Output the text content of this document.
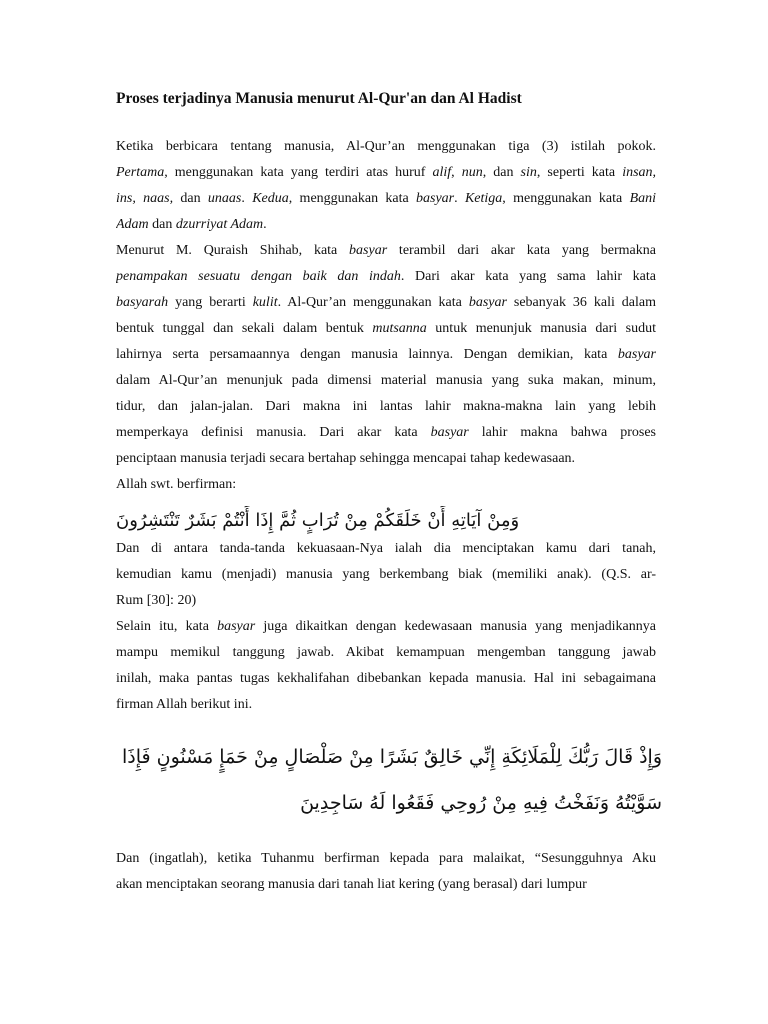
Proses terjadinya Manusia menurut Al-Qur'an dan Al Hadist
Ketika berbicara tentang manusia, Al-Qur’an menggunakan tiga (3) istilah pokok.
Pertama, menggunakan kata yang terdiri atas huruf alif, nun, dan sin, seperti kata insan,
ins, naas, dan unaas. Kedua, menggunakan kata basyar. Ketiga, menggunakan kata Bani
Adam dan dzurriyat Adam.
Menurut M. Quraish Shihab, kata basyar terambil dari akar kata yang bermakna
penampakan sesuatu dengan baik dan indah. Dari akar kata yang sama lahir kata
basyarah yang berarti kulit. Al-Qur’an menggunakan kata basyar sebanyak 36 kali dalam
bentuk tunggal dan sekali dalam bentuk mutsanna untuk menunjuk manusia dari sudut
lahirnya serta persamaannya dengan manusia lainnya. Dengan demikian, kata basyar
dalam Al-Qur’an menunjuk pada dimensi material manusia yang suka makan, minum,
tidur, dan jalan-jalan. Dari makna ini lantas lahir makna-makna lain yang lebih
memperkaya definisi manusia. Dari akar kata basyar lahir makna bahwa proses
penciptaan manusia terjadi secara bertahap sehingga mencapai tahap kedewasaan.
Allah swt. berfirman:

وَمِنْ آيَاتِهِ أَنْ خَلَقَكُمْ مِنْ تُرَابٍ ثُمَّ إِذَا أَنْتُمْ بَشَرٌ تَنْتَشِرُونَ

Dan di antara tanda-tanda kekuasaan-Nya ialah dia menciptakan kamu dari tanah,
kemudian kamu (menjadi) manusia yang berkembang biak (memiliki anak). (Q.S. ar-
Rum [30]: 20)
Selain itu, kata basyar juga dikaitkan dengan kedewasaan manusia yang menjadikannya
mampu memikul tanggung jawab. Akibat kemampuan mengemban tanggung jawab
inilah, maka pantas tugas kekhalifahan dibebankan kepada manusia. Hal ini sebagaimana
firman Allah berikut ini.

وَإِذْ قَالَ رَبُّكَ لِلْمَلَائِكَةِ إِنِّي خَالِقٌ بَشَرًا مِنْ صَلْصَالٍ مِنْ حَمَإٍ مَسْنُونٍ فَإِذَا

سَوَّيْتُهُ وَنَفَخْتُ فِيهِ مِنْ رُوحِي فَقَعُوا لَهُ سَاجِدِينَ

Dan (ingatlah), ketika Tuhanmu berfirman kepada para malaikat, “Sesungguhnya Aku
akan menciptakan seorang manusia dari tanah liat kering (yang berasal) dari lumpur
